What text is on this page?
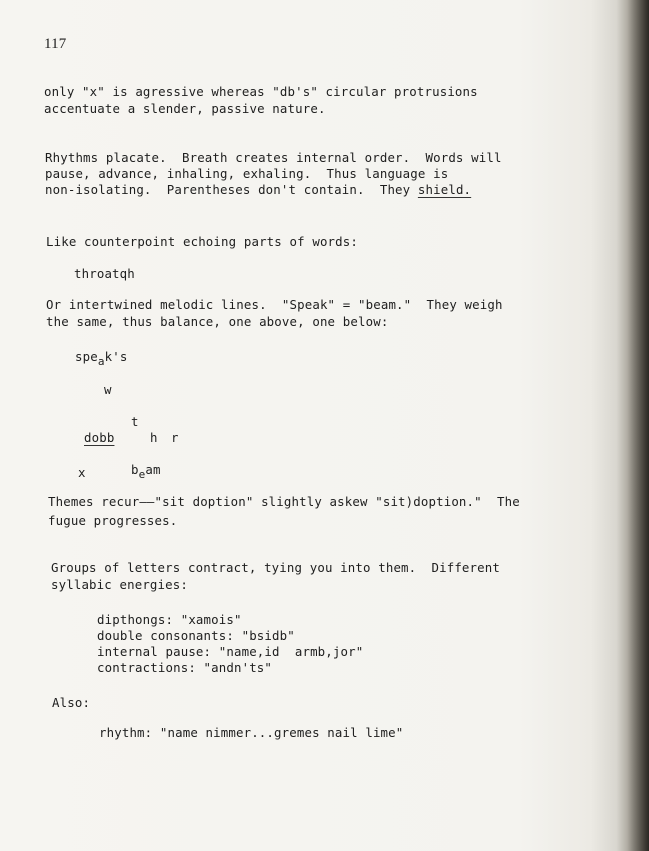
117
only "x" is agressive whereas "db's" circular protrusions
accentuate a slender, passive nature.
Rhythms placate.  Breath creates internal order.  Words will
pause, advance, inhaling, exhaling.  Thus language is
non-isolating.  Parentheses don't contain.  They shield.
Like counterpoint echoing parts of words:
throatqh
Or intertwined melodic lines.  "Speak" = "beam."  They weigh
the same, thus balance, one above, one below:
speak's
w
t
dobb	h r
x	beam
Themes recur——"sit doption" slightly askew "sit)doption."  The
fugue progresses.
Groups of letters contract, tying you into them.  Different
syllabic energies:
dipthongs: "xamois"
double consonants: "bsidb"
internal pause: "name,id  armb,jor"
contractions: "andn'ts"
Also:
rhythm: "name nimmer...gremes nail lime"
